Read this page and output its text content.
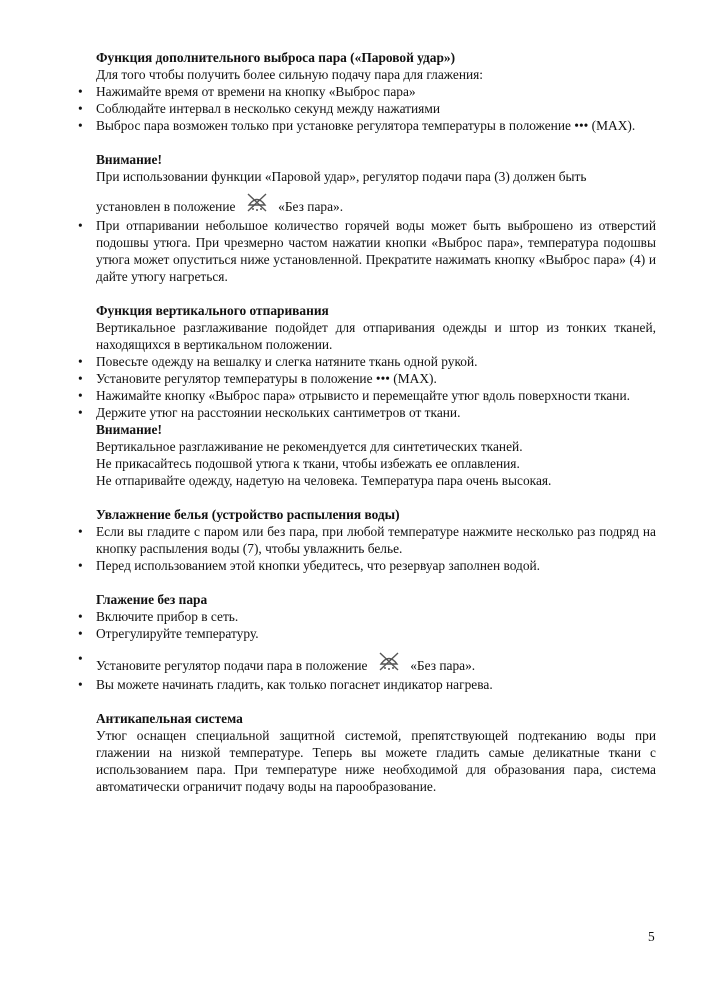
Функция дополнительного выброса пара («Паровой удар»)

Для того чтобы получить более сильную подачу пара для глажения:

• Нажимайте время от времени на кнопку «Выброс пара»
• Соблюдайте интервал в несколько секунд между нажатиями
• Выброс пара возможен только при установке регулятора температуры в положение ••• (MAX).

Внимание!

При использовании функции «Паровой удар», регулятор подачи пара (3) должен быть

установлен в положение	«Без пара».

• При отпаривании небольшое количество горячей воды может быть выброшено из отверстий подошвы утюга. При чрезмерно частом нажатии кнопки «Выброс пара», температура подошвы утюга может опуститься ниже установленной. Прекратите нажимать кнопку «Выброс пара» (4) и дайте утюгу нагреться.

Функция вертикального отпаривания

Вертикальное разглаживание подойдет для отпаривания одежды и штор из тонких тканей, находящихся в вертикальном положении.

• Повесьте одежду на вешалку и слегка натяните ткань одной рукой.
• Установите регулятор температуры в положение ••• (MAX).
• Нажимайте кнопку «Выброс пара» отрывисто и перемещайте утюг вдоль поверхности ткани.
• Держите утюг на расстоянии нескольких сантиметров от ткани.

Внимание!

Вертикальное разглаживание не рекомендуется для синтетических тканей.

Не прикасайтесь подошвой утюга к ткани, чтобы избежать ее оплавления.

Не отпаривайте одежду, надетую на человека. Температура пара очень высокая.

Увлажнение белья (устройство распыления воды)

• Если вы гладите с паром или без пара, при любой температуре нажмите несколько раз подряд на кнопку распыления воды (7), чтобы увлажнить белье.
• Перед использованием этой кнопки убедитесь, что резервуар заполнен водой.

Глажение без пара

• Включите прибор в сеть.
• Отрегулируйте температуру.
• Установите регулятор подачи пара в положение	«Без пара».
• Вы можете начинать гладить, как только погаснет индикатор нагрева.

Антикапельная система

Утюг оснащен специальной защитной системой, препятствующей подтеканию воды при глажении на низкой температуре. Теперь вы можете гладить самые деликатные ткани с использованием пара. При температуре ниже необходимой для образования пара, система автоматически ограничит подачу воды на парообразование.

5
